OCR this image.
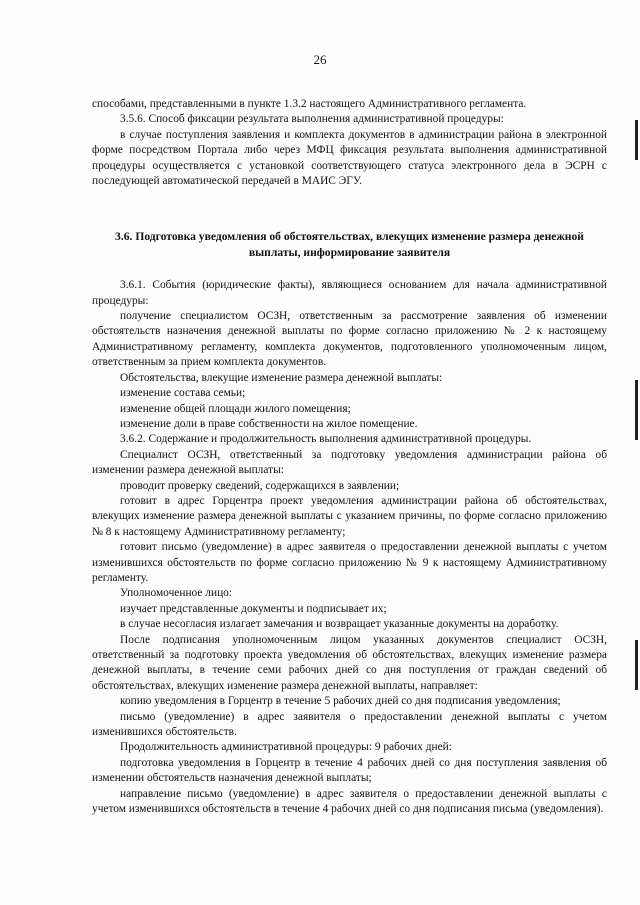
26

способами, представленными в пункте 1.3.2 настоящего Административного регламента.

3.5.6. Способ фиксации результата выполнения административной процедуры:

в случае поступления заявления и комплекта документов в администрации района в электронной форме посредством Портала либо через МФЦ фиксация результата выполнения административной процедуры осуществляется с установкой соответствующего статуса электронного дела в ЭСРН с последующей автоматической передачей в МАИС ЭГУ.

3.6. Подготовка уведомления об обстоятельствах, влекущих изменение размера денежной выплаты, информирование заявителя

3.6.1. События (юридические факты), являющиеся основанием для начала административной процедуры:

получение специалистом ОСЗН, ответственным за рассмотрение заявления об изменении обстоятельств назначения денежной выплаты по форме согласно приложению № 2 к настоящему Административному регламенту, комплекта документов, подготовленного уполномоченным лицом, ответственным за прием комплекта документов.

Обстоятельства, влекущие изменение размера денежной выплаты:

изменение состава семьи;

изменение общей площади жилого помещения;

изменение доли в праве собственности на жилое помещение.

3.6.2. Содержание и продолжительность выполнения административной процедуры.

Специалист ОСЗН, ответственный за подготовку уведомления администрации района об изменении размера денежной выплаты:

проводит проверку сведений, содержащихся в заявлении;

готовит в адрес Горцентра проект уведомления администрации района об обстоятельствах, влекущих изменение размера денежной выплаты с указанием причины, по форме согласно приложению № 8 к настоящему Административному регламенту;

готовит письмо (уведомление) в адрес заявителя о предоставлении денежной выплаты с учетом изменившихся обстоятельств по форме согласно приложению № 9 к настоящему Административному регламенту.

Уполномоченное лицо:

изучает представленные документы и подписывает их;

в случае несогласия излагает замечания и возвращает указанные документы на доработку.

После подписания уполномоченным лицом указанных документов специалист ОСЗН, ответственный за подготовку проекта уведомления об обстоятельствах, влекущих изменение размера денежной выплаты, в течение семи рабочих дней со дня поступления от граждан сведений об обстоятельствах, влекущих изменение размера денежной выплаты, направляет:

копию уведомления в Горцентр в течение 5 рабочих дней со дня подписания уведомления;

письмо (уведомление) в адрес заявителя о предоставлении денежной выплаты с учетом изменившихся обстоятельств.

Продолжительность административной процедуры: 9 рабочих дней:

подготовка уведомления в Горцентр в течение 4 рабочих дней со дня поступления заявления об изменении обстоятельств назначения денежной выплаты;

направление письмо (уведомление) в адрес заявителя о предоставлении денежной выплаты с учетом изменившихся обстоятельств в течение 4 рабочих дней со дня подписания письма (уведомления).
